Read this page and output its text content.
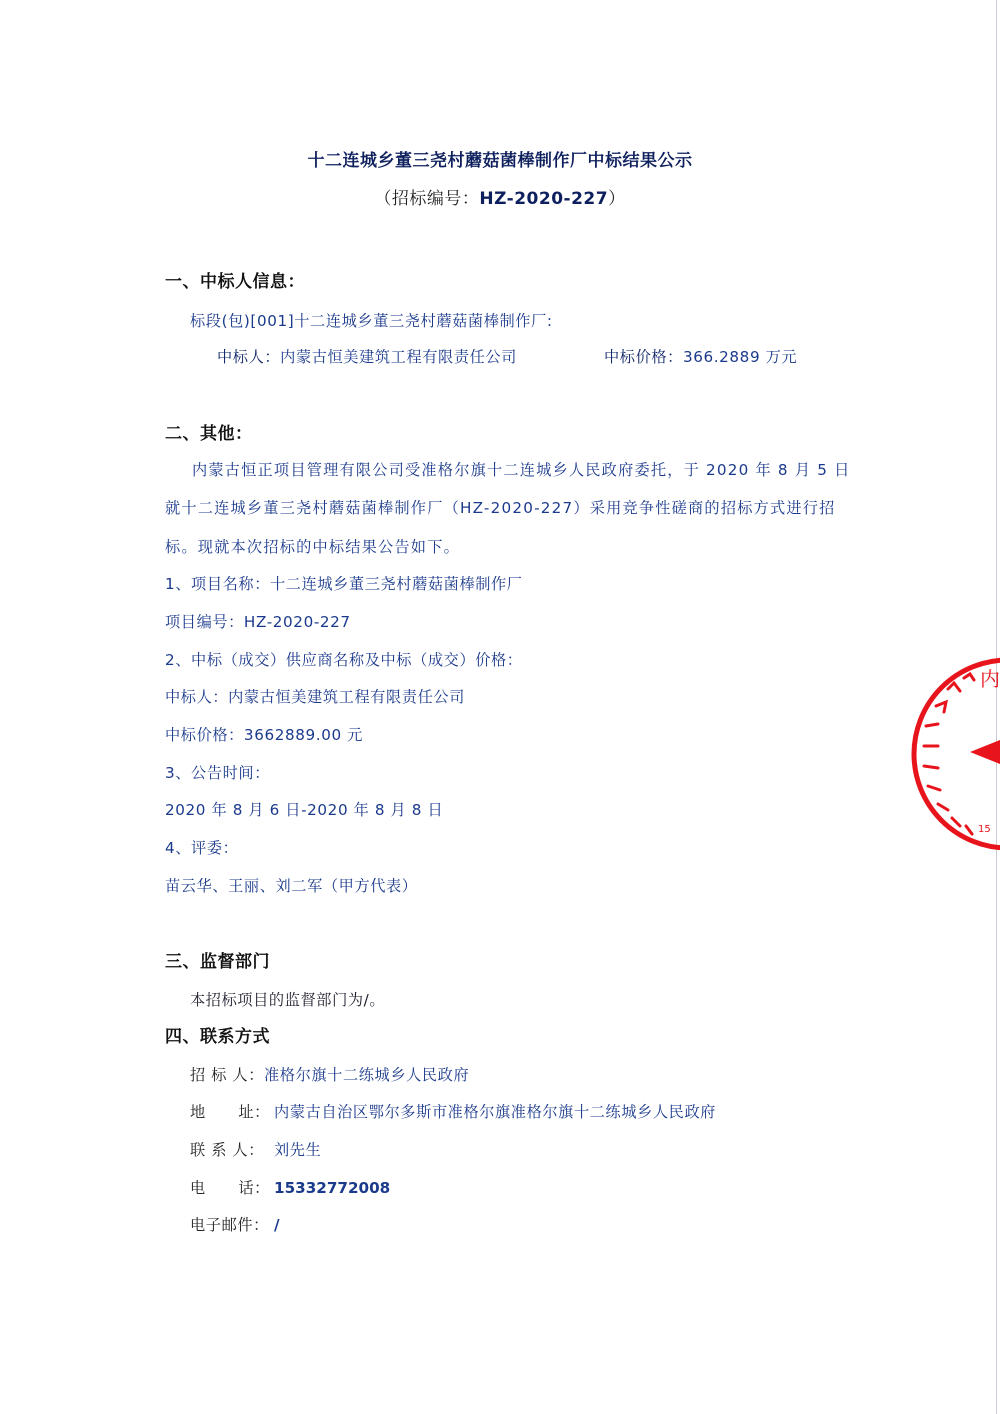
十二连城乡董三尧村蘑菇菌棒制作厂中标结果公示
（招标编号：HZ-2020-227）
一、中标人信息：
标段(包)[001]十二连城乡董三尧村蘑菇菌棒制作厂:
中标人：内蒙古恒美建筑工程有限责任公司	中标价格：366.2889 万元
二、其他：
内蒙古恒正项目管理有限公司受准格尔旗十二连城乡人民政府委托，于 2020 年 8 月 5 日
就十二连城乡董三尧村蘑菇菌棒制作厂（HZ-2020-227）采用竞争性磋商的招标方式进行招
标。现就本次招标的中标结果公告如下。
1、项目名称：十二连城乡董三尧村蘑菇菌棒制作厂
项目编号：HZ-2020-227
2、中标（成交）供应商名称及中标（成交）价格：
中标人：内蒙古恒美建筑工程有限责任公司
中标价格：3662889.00 元
3、公告时间：
2020 年 8 月 6 日-2020 年 8 月 8 日
4、评委：
苗云华、王丽、刘二军（甲方代表）
三、监督部门
本招标项目的监督部门为/。
四、联系方式
招 标 人：准格尔旗十二练城乡人民政府
地      址： 内蒙古自治区鄂尔多斯市准格尔旗准格尔旗十二练城乡人民政府
联 系 人： 刘先生
电      话： 15332772008
电子邮件： /
内
15
